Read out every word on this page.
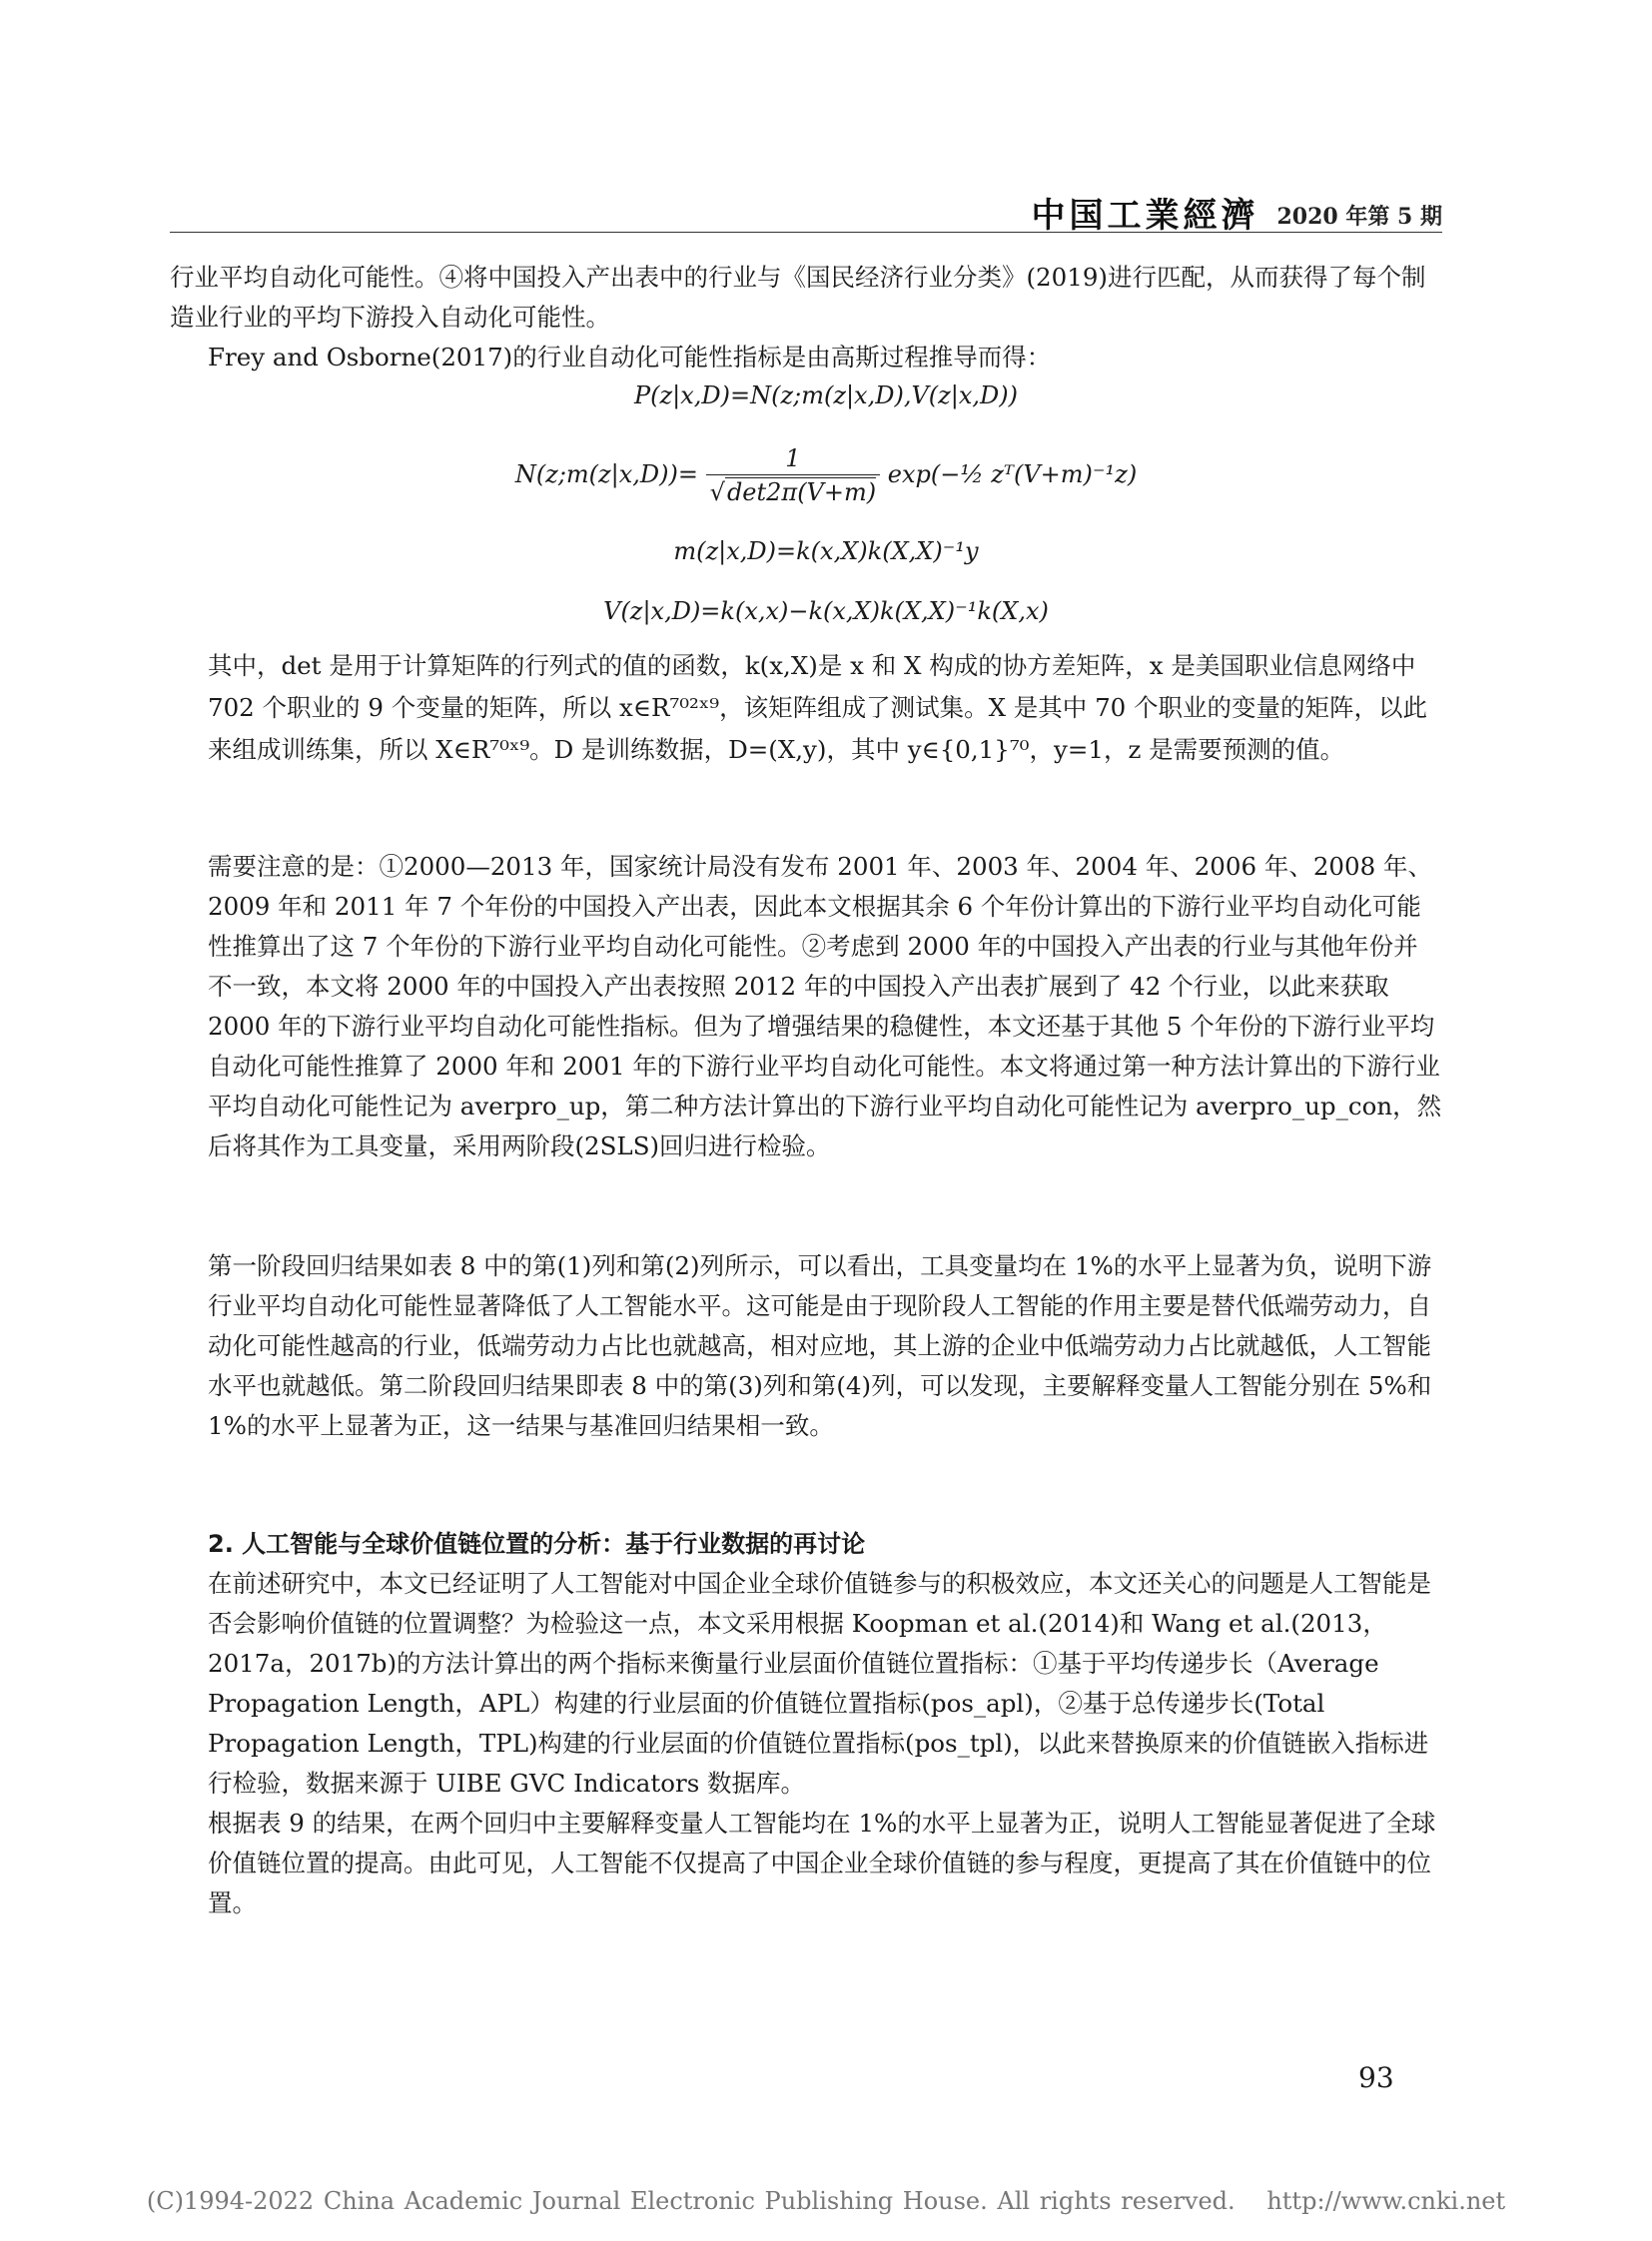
中国工業經濟 2020 年第 5 期

行业平均自动化可能性。④将中国投入产出表中的行业与《国民经济行业分类》(2019)进行匹配，从而获得了每个制造业行业的平均下游投入自动化可能性。

Frey and Osborne(2017)的行业自动化可能性指标是由高斯过程推导而得：

P(z|x,D)=N(z;m(z|x,D),V(z|x,D))
N(z;m(z|x,D))= $\frac{1}{√\det 2\pi(V+m)}$ exp(−½ zᵀ(V+m)⁻¹z)
m(z|x,D)=k(x,X)k(X,X)⁻¹y
V(z|x,D)=k(x,x)−k(x,X)k(X,X)⁻¹k(X,x)

其中，det 是用于计算矩阵的行列式的值的函数，k(x,X)是 x 和 X 构成的协方差矩阵，x 是美国职业信息网络中 702 个职业的 9 个变量的矩阵，所以 x∈R⁷⁰²ˣ⁹，该矩阵组成了测试集。X 是其中 70 个职业的变量的矩阵，以此来组成训练集，所以 X∈R⁷⁰ˣ⁹。D 是训练数据，D=(X,y)，其中 y∈{0,1}⁷⁰，y=1，z 是需要预测的值。

需要注意的是：①2000—2013 年，国家统计局没有发布 2001 年、2003 年、2004 年、2006 年、2008 年、2009 年和 2011 年 7 个年份的中国投入产出表，因此本文根据其余 6 个年份计算出的下游行业平均自动化可能性推算出了这 7 个年份的下游行业平均自动化可能性。②考虑到 2000 年的中国投入产出表的行业与其他年份并不一致，本文将 2000 年的中国投入产出表按照 2012 年的中国投入产出表扩展到了 42 个行业，以此来获取 2000 年的下游行业平均自动化可能性指标。但为了增强结果的稳健性，本文还基于其他 5 个年份的下游行业平均自动化可能性推算了 2000 年和 2001 年的下游行业平均自动化可能性。本文将通过第一种方法计算出的下游行业平均自动化可能性记为 averpro_up，第二种方法计算出的下游行业平均自动化可能性记为 averpro_up_con，然后将其作为工具变量，采用两阶段(2SLS)回归进行检验。

第一阶段回归结果如表 8 中的第(1)列和第(2)列所示，可以看出，工具变量均在 1%的水平上显著为负，说明下游行业平均自动化可能性显著降低了人工智能水平。这可能是由于现阶段人工智能的作用主要是替代低端劳动力，自动化可能性越高的行业，低端劳动力占比也就越高，相对应地，其上游的企业中低端劳动力占比就越低，人工智能水平也就越低。第二阶段回归结果即表 8 中的第(3)列和第(4)列，可以发现，主要解释变量人工智能分别在 5%和 1%的水平上显著为正，这一结果与基准回归结果相一致。

2. 人工智能与全球价值链位置的分析：基于行业数据的再讨论

在前述研究中，本文已经证明了人工智能对中国企业全球价值链参与的积极效应，本文还关心的问题是人工智能是否会影响价值链的位置调整？为检验这一点，本文采用根据 Koopman et al.(2014)和 Wang et al.(2013，2017a，2017b)的方法计算出的两个指标来衡量行业层面价值链位置指标：①基于平均传递步长（Average Propagation Length，APL）构建的行业层面的价值链位置指标(pos_apl)，②基于总传递步长(Total Propagation Length，TPL)构建的行业层面的价值链位置指标(pos_tpl)，以此来替换原来的价值链嵌入指标进行检验，数据来源于 UIBE GVC Indicators 数据库。

根据表 9 的结果，在两个回归中主要解释变量人工智能均在 1%的水平上显著为正，说明人工智能显著促进了全球价值链位置的提高。由此可见，人工智能不仅提高了中国企业全球价值链的参与程度，更提高了其在价值链中的位置。

93
(C)1994-2022 China Academic Journal Electronic Publishing House. All rights reserved. http://www.cnki.net
